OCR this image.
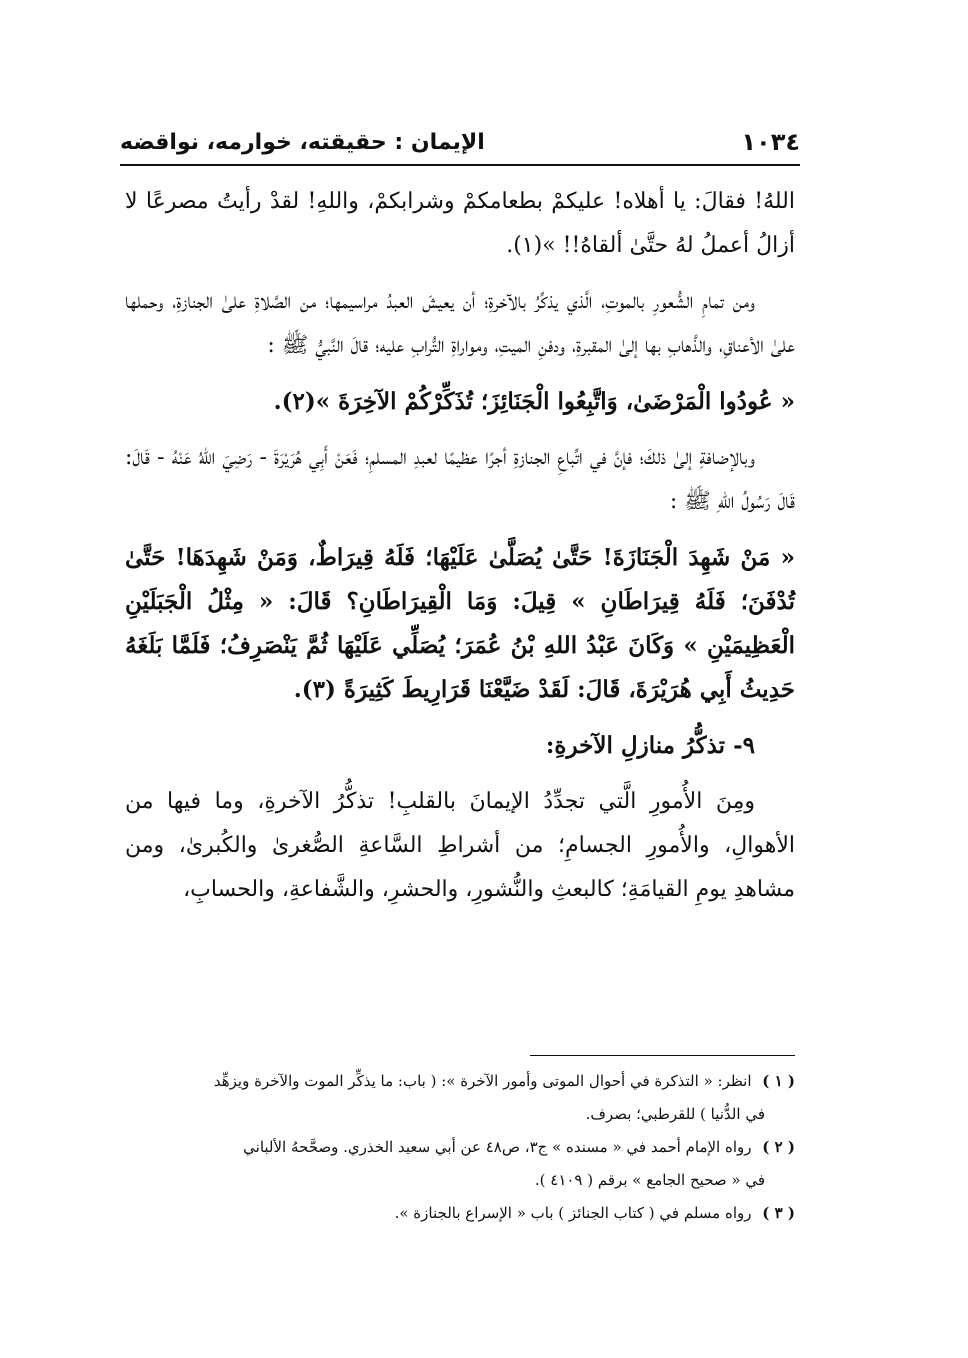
١٠٣٤
الإيمان : حقيقته، خوارمه، نواقضه

اللهُ! فقالَ: يا أهلاه! عليكمْ بطعامكمْ وشرابكمْ، واللهِ! لقدْ رأيتُ مصرعًا لا أزالُ أعملُ لهُ حتَّىٰ ألقاهُ!! »(١).

ومن تمامِ الشُّعورِ بالموتِ، الَّذي يذكِّرُ بالآخرةِ؛ أن يعيشَ العبدُ مراسيمها؛ من الصَّلاةِ علىٰ الجنازةِ، وحملها علىٰ الأعناقِ، والذَّهابِ بها إلىٰ المقبرةِ، ودفنِ الميتِ، ومواراةِ التُّرابِ عليه؛ قالَ النَّبيُّ ﷺ :

« عُودُوا الْمَرْضَىٰ، وَاتَّبِعُوا الْجَنَائِزَ؛ تُذَكِّرْكُمْ الآخِرَةَ »(٢).

وبالإضافةِ إلىٰ ذلكَ؛ فإنَّ في اتِّباعِ الجنازةِ أجرًا عظيمًا لعبدِ المسلمِ؛ فَعَنْ أَبِي هُرَيْرَةَ - رَضِيَ اللهُ عَنْهُ - قَالَ: قَالَ رَسُولُ اللهِ ﷺ :

« مَنْ شَهِدَ الْجَنَازَةَ! حَتَّىٰ يُصَلَّىٰ عَلَيْهَا؛ فَلَهُ قِيرَاطٌ، وَمَنْ شَهِدَهَا! حَتَّىٰ تُدْفَنَ؛ فَلَهُ قِيرَاطَانِ » قِيلَ: وَمَا الْقِيرَاطَانِ؟ قَالَ: « مِثْلُ الْجَبَلَيْنِ الْعَظِيمَيْنِ » وَكَانَ عَبْدُ اللهِ بْنُ عُمَرَ؛ يُصَلِّي عَلَيْهَا ثُمَّ يَنْصَرِفُ؛ فَلَمَّا بَلَغَهُ حَدِيثُ أَبِي هُرَيْرَةَ، قَالَ: لَقَدْ ضَيَّعْنَا قَرَارِيطَ كَثِيرَةً (٣).

٩- تذكُّرُ منازلِ الآخرةِ:

ومِنَ الأُمورِ الَّتي تجدِّدُ الإيمانَ بالقلبِ! تذكُّرُ الآخرةِ، وما فيها من الأهوالِ، والأُمورِ الجسامِ؛ من أشراطِ السَّاعةِ الصُّغرىٰ والكُبرىٰ، ومن مشاهدِ يومِ القيامَةِ؛ كالبعثِ والنُّشورِ، والحشرِ، والشَّفاعةِ، والحسابِ،

( ١ ) انظر: « التذكرة في أحوال الموتى وأمور الآخرة »: ( باب: ما يذكِّر الموت والآخرة ويزهِّد
في الدُّنيا ) للقرطبي؛ بصرف.

( ٢ ) رواه الإمام أحمد في « مسنده » ج٣، ص٤٨ عن أبي سعيد الخذري. وصحَّحهُ الألباني
في « صحيح الجامع » برقم ( ٤١٠٩ ).

( ٣ ) رواه مسلم في ( كتاب الجنائز ) باب « الإسراع بالجنازة ».
